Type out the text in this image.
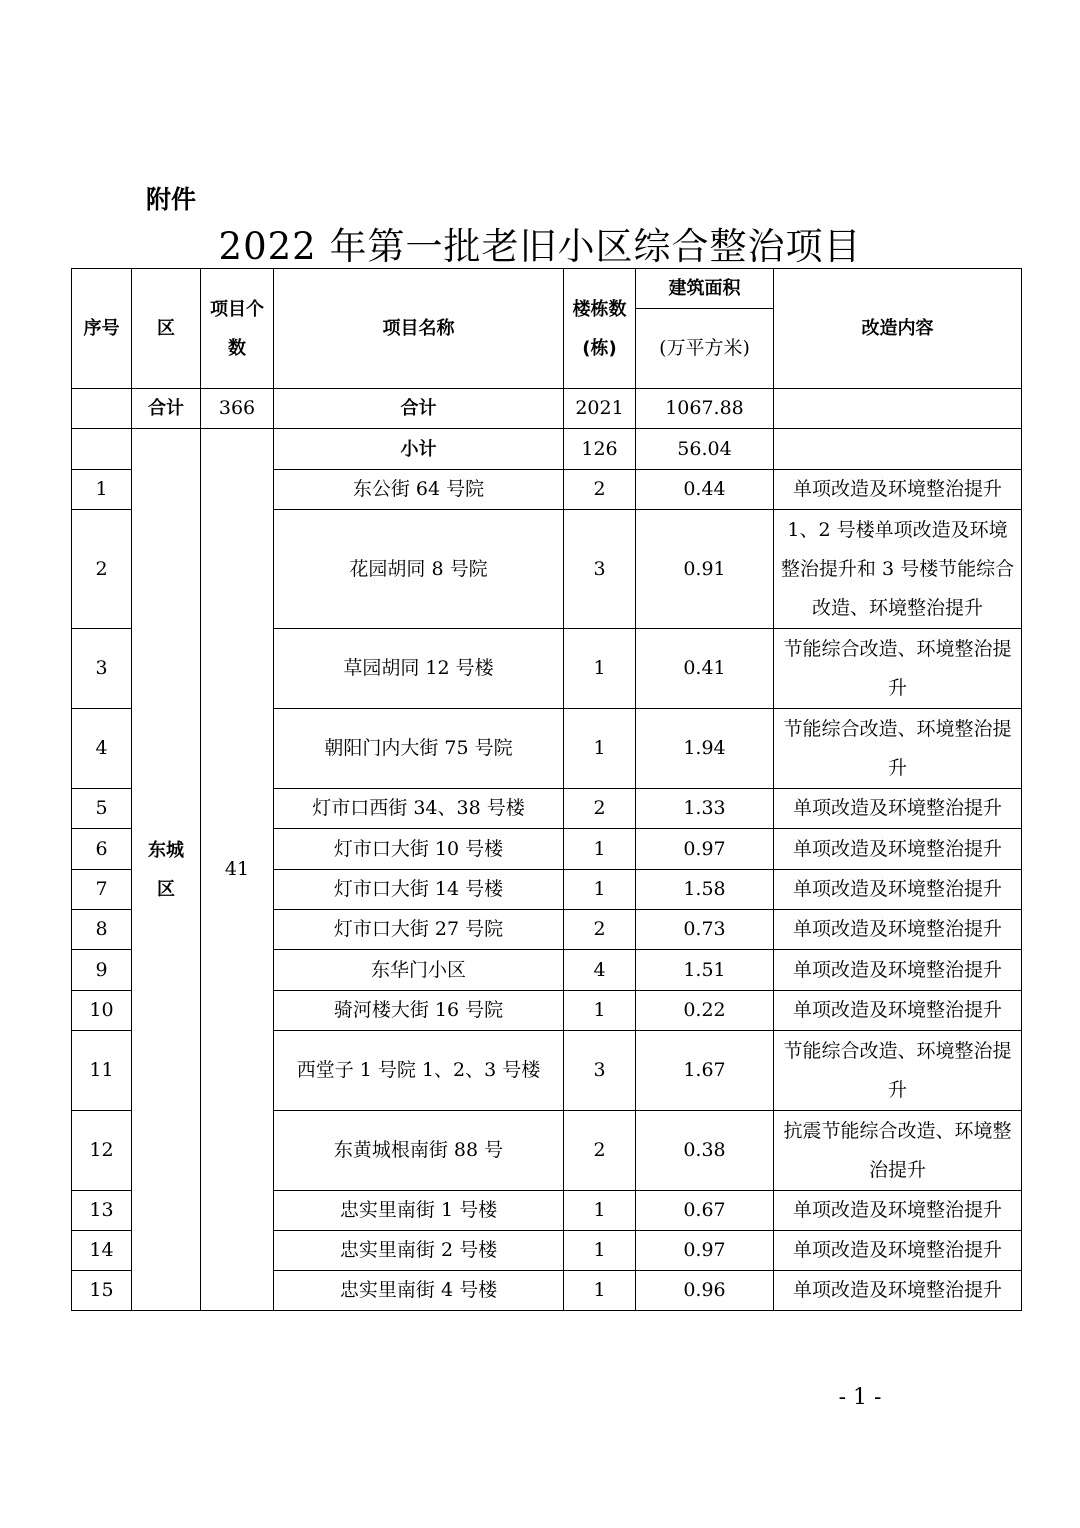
附件
2022 年第一批老旧小区综合整治项目
序号	区	项目个数	项目名称	楼栋数(栋)	建筑面积	改造内容
					(万平方米)	

	合计	366	合计	2021	1067.88	
	东城区	41	小计	126	56.04	
1			东公街 64 号院	2	0.44	单项改造及环境整治提升
2			花园胡同 8 号院	3	0.91	1、2 号楼单项改造及环境整治提升和 3 号楼节能综合改造、环境整治提升
3			草园胡同 12 号楼	1	0.41	节能综合改造、环境整治提升
4			朝阳门内大街 75 号院	1	1.94	节能综合改造、环境整治提升
5			灯市口西街 34、38 号楼	2	1.33	单项改造及环境整治提升
6			灯市口大街 10 号楼	1	0.97	单项改造及环境整治提升
7			灯市口大街 14 号楼	1	1.58	单项改造及环境整治提升
8			灯市口大街 27 号院	2	0.73	单项改造及环境整治提升
9			东华门小区	4	1.51	单项改造及环境整治提升
10			骑河楼大街 16 号院	1	0.22	单项改造及环境整治提升
11			西堂子 1 号院 1、2、3 号楼	3	1.67	节能综合改造、环境整治提升
12			东黄城根南街 88 号	2	0.38	抗震节能综合改造、环境整治提升
13			忠实里南街 1 号楼	1	0.67	单项改造及环境整治提升
14			忠实里南街 2 号楼	1	0.97	单项改造及环境整治提升
15			忠实里南街 4 号楼	1	0.96	单项改造及环境整治提升
- 1 -
